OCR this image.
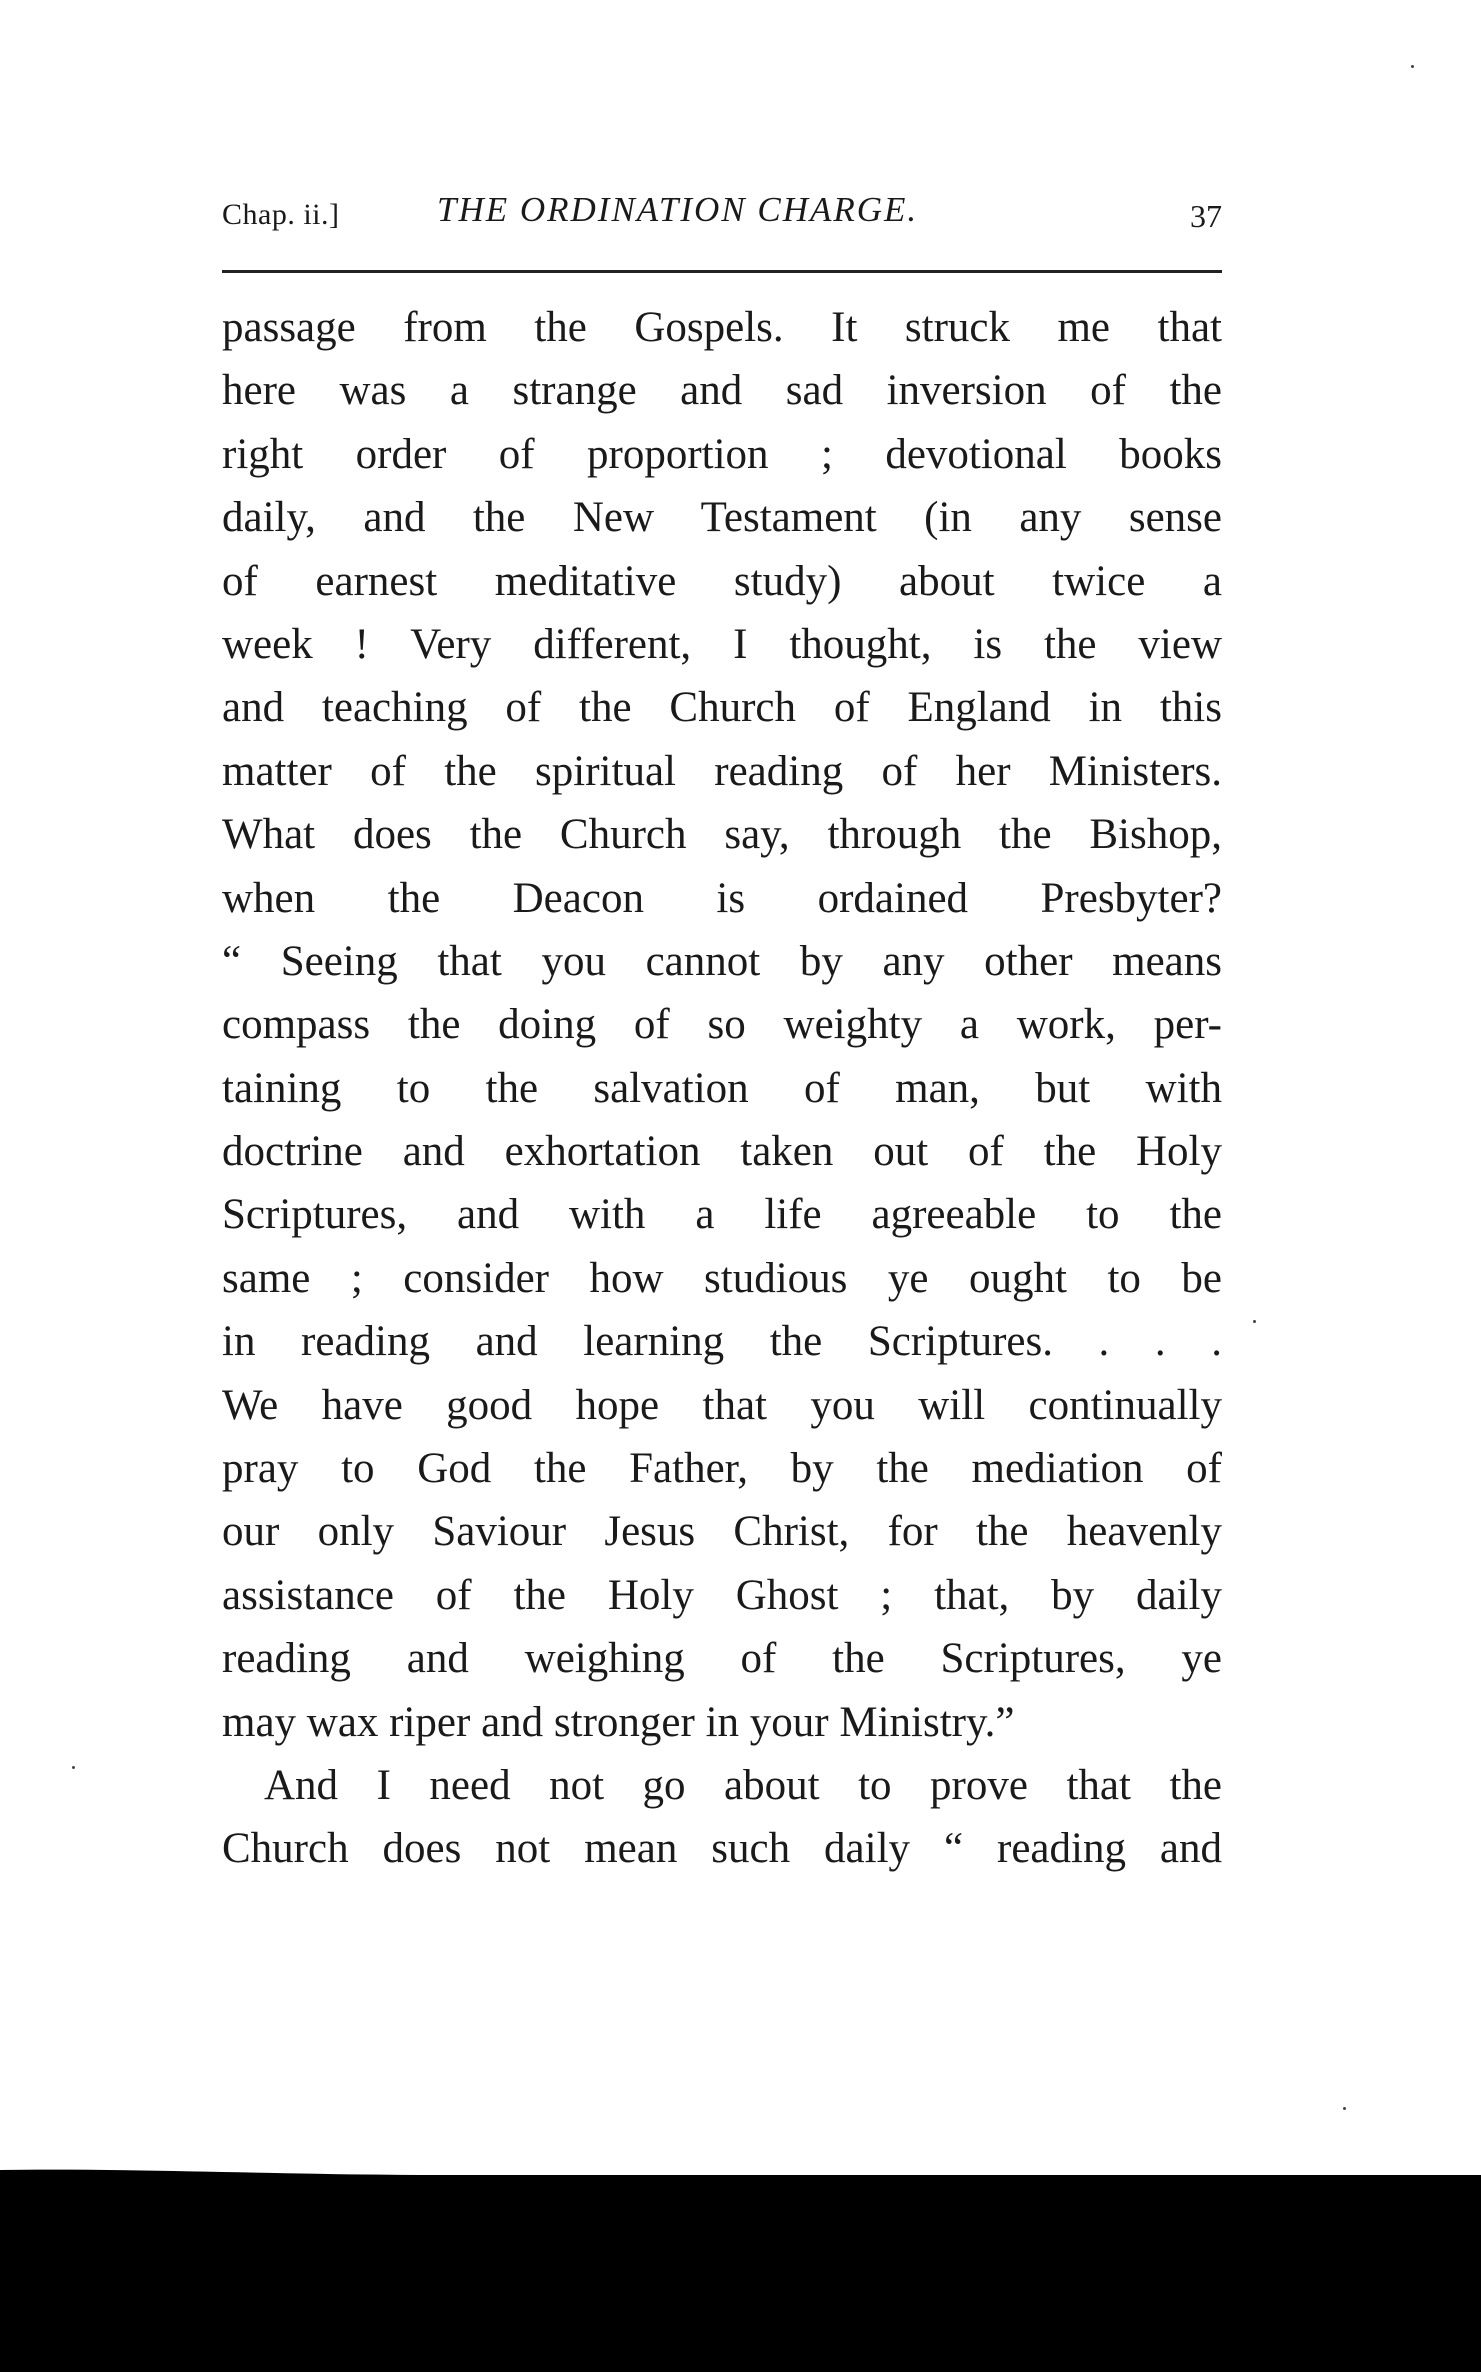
Chap. ii.]	THE ORDINATION CHARGE.	37
passage from the Gospels. It struck me that
here was a strange and sad inversion of the
right order of proportion ; devotional books
daily, and the New Testament (in any sense
of earnest meditative study) about twice a
week ! Very different, I thought, is the view
and teaching of the Church of England in this
matter of the spiritual reading of her Ministers.
What does the Church say, through the Bishop,
when the Deacon is ordained Presbyter?
“ Seeing that you cannot by any other means
compass the doing of so weighty a work, per-
taining to the salvation of man, but with
doctrine and exhortation taken out of the Holy
Scriptures, and with a life agreeable to the
same ; consider how studious ye ought to be
in reading and learning the Scriptures. . . .
We have good hope that you will continually
pray to God the Father, by the mediation of
our only Saviour Jesus Christ, for the heavenly
assistance of the Holy Ghost ; that, by daily
reading and weighing of the Scriptures, ye
may wax riper and stronger in your Ministry.”
And I need not go about to prove that the
Church does not mean such daily “ reading and
